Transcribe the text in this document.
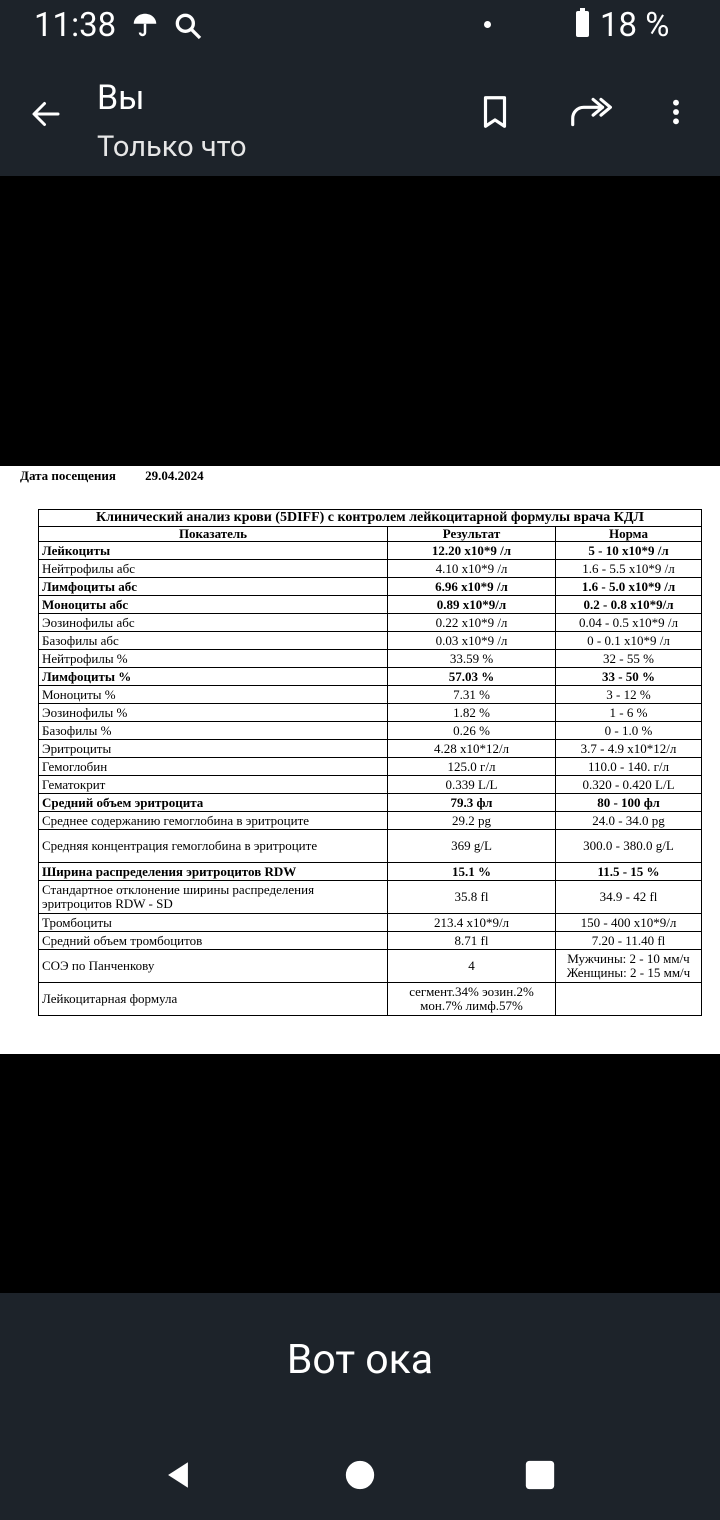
11:38	18 %
Вы
Только что
Дата посещения 29.04.2024
Клинический анализ крови (5DIFF) с контролем лейкоцитарной формулы врача КДЛ		
Показатель	Результат	Норма
Лейкоциты	12.20 x10*9 /л	5 - 10 x10*9 /л
Нейтрофилы абс	4.10 x10*9 /л	1.6 - 5.5 x10*9 /л
Лимфоциты абс	6.96 x10*9 /л	1.6 - 5.0 x10*9 /л
Моноциты абс	0.89 x10*9/л	0.2 - 0.8 x10*9/л
Эозинофилы абс	0.22 x10*9 /л	0.04 - 0.5 x10*9 /л
Базофилы абс	0.03 x10*9 /л	0 - 0.1 x10*9 /л
Нейтрофилы %	33.59 %	32 - 55 %
Лимфоциты %	57.03 %	33 - 50 %
Моноциты %	7.31 %	3 - 12 %
Эозинофилы %	1.82 %	1 - 6 %
Базофилы %	0.26 %	0 - 1.0 %
Эритроциты	4.28 x10*12/л	3.7 - 4.9 x10*12/л
Гемоглобин	125.0 г/л	110.0 - 140. г/л
Гематокрит	0.339 L/L	0.320 - 0.420 L/L
Средний объем эритроцита	79.3 фл	80 - 100 фл
Среднее содержанию гемоглобина в эритроците	29.2 pg	24.0 - 34.0 pg
Средняя концентрация гемоглобина в эритроците	369 g/L	300.0 - 380.0 g/L
Ширина распределения эритроцитов RDW	15.1 %	11.5 - 15 %
Стандартное отклонение ширины распределения эритроцитов RDW - SD	35.8 fl	34.9 - 42 fl
Тромбоциты	213.4 x10*9/л	150 - 400 x10*9/л
Средний объем тромбоцитов	8.71 fl	7.20 - 11.40 fl
СОЭ по Панченкову	4	Мужчины: 2 - 10 мм/ч
Женщины: 2 - 15 мм/ч
Лейкоцитарная формула	сегмент.34% эозин.2%
мон.7% лимф.57%	
Вот ока
